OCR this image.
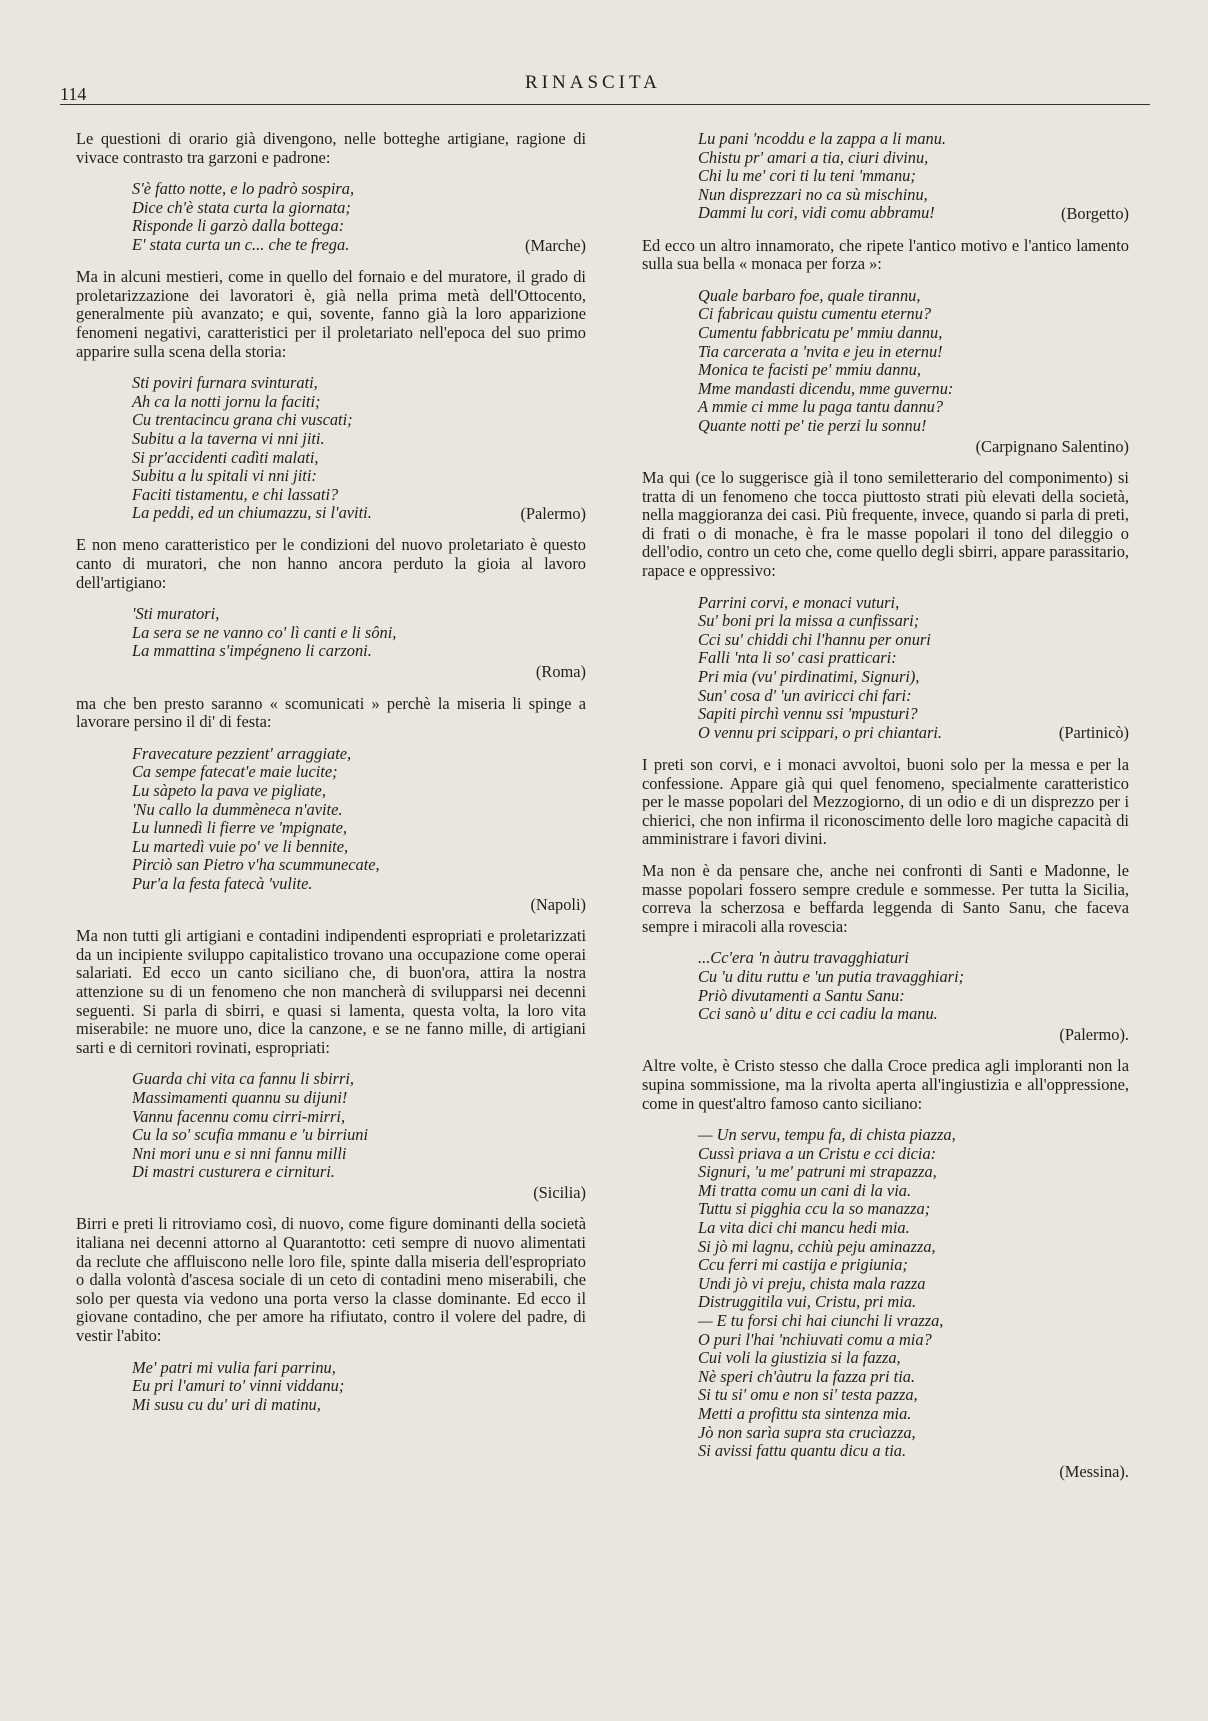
114
RINASCITA

Le questioni di orario già divengono, nelle botteghe artigiane, ragione di vivace contrasto tra garzoni e padrone:

S'è fatto notte, e lo padrò sospira,
Dice ch'è stata curta la giornata;
Risponde li garzò dalla bottega:
E' stata curta un c... che te frega.	(Marche)

Ma in alcuni mestieri, come in quello del fornaio e del muratore, il grado di proletarizzazione dei lavoratori è, già nella prima metà dell'Ottocento, generalmente più avanzato; e qui, sovente, fanno già la loro apparizione fenomeni negativi, caratteristici per il proletariato nell'epoca del suo primo apparire sulla scena della storia:

Sti poviri furnara svinturati,
Ah ca la notti jornu la faciti;
Cu trentacincu grana chi vuscati;
Subitu a la taverna vi nni jiti.
Si pr'accidenti cadìti malati,
Subitu a lu spitali vi nni jiti:
Faciti tistamentu, e chi lassati?
La peddi, ed un chiumazzu, si l'aviti.	(Palermo)

E non meno caratteristico per le condizioni del nuovo proletariato è questo canto di muratori, che non hanno ancora perduto la gioia al lavoro dell'artigiano:

'Sti muratori,
La sera se ne vanno co' lì canti e li sôni,
La mmattina s'impégneno li carzoni.
(Roma)

ma che ben presto saranno « scomunicati » perchè la miseria li spinge a lavorare persino il di' di festa:

Fravecature pezzient' arraggiate,
Ca sempe fatecat'e maie lucite;
Lu sàpeto la pava ve pigliate,
'Nu callo la dummèneca n'avite.
Lu lunnedì li fierre ve 'mpignate,
Lu martedì vuie po' ve li bennite,
Pirciò san Pietro v'ha scummunecate,
Pur'a la festa fatecà 'vulite.
(Napoli)

Ma non tutti gli artigiani e contadini indipendenti espropriati e proletarizzati da un incipiente sviluppo capitalistico trovano una occupazione come operai salariati. Ed ecco un canto siciliano che, di buon'ora, attira la nostra attenzione su di un fenomeno che non mancherà di svilupparsi nei decenni seguenti. Si parla di sbirri, e quasi si lamenta, questa volta, la loro vita miserabile: ne muore uno, dice la canzone, e se ne fanno mille, di artigiani sarti e di cernitori rovinati, espropriati:

Guarda chi vita ca fannu li sbirri,
Massimamenti quannu su dijuni!
Vannu facennu comu cirri-mirri,
Cu la so' scufia mmanu e 'u birriuni
Nni mori unu e si nni fannu milli
Di mastri custurera e cirnituri.
(Sicilia)

Birri e preti li ritroviamo così, di nuovo, come figure dominanti della società italiana nei decenni attorno al Quarantotto: ceti sempre di nuovo alimentati da reclute che affluiscono nelle loro file, spinte dalla miseria dell'espropriato o dalla volontà d'ascesa sociale di un ceto di contadini meno miserabili, che solo per questa via vedono una porta verso la classe dominante. Ed ecco il giovane contadino, che per amore ha rifiutato, contro il volere del padre, di vestir l'abito:

Me' patri mi vulia fari parrinu,
Eu pri l'amuri to' vinni viddanu;
Mi susu cu du' uri di matinu,
Lu pani 'ncoddu e la zappa a li manu.
Chistu pr' amari a tia, ciuri divinu,
Chi lu me' cori ti lu teni 'mmanu;
Nun disprezzari no ca sù mischinu,
Dammi lu cori, vidi comu abbramu!	(Borgetto)

Ed ecco un altro innamorato, che ripete l'antico motivo e l'antico lamento sulla sua bella « monaca per forza »:

Quale barbaro foe, quale tirannu,
Ci fabricau quistu cumentu eternu?
Cumentu fabbricatu pe' mmiu dannu,
Tia carcerata a 'nvita e jeu in eternu!
Monica te facisti pe' mmiu dannu,
Mme mandasti dicendu, mme guvernu:
A mmie ci mme lu paga tantu dannu?
Quante notti pe' tie perzi lu sonnu!
(Carpignano Salentino)

Ma qui (ce lo suggerisce già il tono semiletterario del componimento) si tratta di un fenomeno che tocca piuttosto strati più elevati della società, nella maggioranza dei casi. Più frequente, invece, quando si parla di preti, di frati o di monache, è fra le masse popolari il tono del dileggio o dell'odio, contro un ceto che, come quello degli sbirri, appare parassitario, rapace e oppressivo:

Parrini corvi, e monaci vuturi,
Su' boni pri la missa a cunfissari;
Cci su' chiddi chi l'hannu per onuri
Falli 'nta li so' casi pratticari:
Pri mia (vu' pirdinatimi, Signuri),
Sun' cosa d' 'un aviricci chi fari:
Sapiti pirchì vennu ssi 'mpusturi?
O vennu pri scippari, o pri chiantari.	(Partinicò)

I preti son corvi, e i monaci avvoltoi, buoni solo per la messa e per la confessione. Appare già qui quel fenomeno, specialmente caratteristico per le masse popolari del Mezzogiorno, di un odio e di un disprezzo per i chierici, che non infirma il riconoscimento delle loro magiche capacità di amministrare i favori divini.

Ma non è da pensare che, anche nei confronti di Santi e Madonne, le masse popolari fossero sempre credule e sommesse. Per tutta la Sicilia, correva la scherzosa e beffarda leggenda di Santo Sanu, che faceva sempre i miracoli alla rovescia:

...Cc'era 'n àutru travagghiaturi
Cu 'u ditu ruttu e 'un putia travagghiari;
Priò divutamenti a Santu Sanu:
Cci sanò u' ditu e cci cadiu la manu.
(Palermo).

Altre volte, è Cristo stesso che dalla Croce predica agli imploranti non la supina sommissione, ma la rivolta aperta all'ingiustizia e all'oppressione, come in quest'altro famoso canto siciliano:

— Un servu, tempu fa, di chista piazza,
Cussì priava a un Cristu e cci dicia:
Signuri, 'u me' patruni mi strapazza,
Mi tratta comu un cani di la via.
Tuttu si pigghia ccu la so manazza;
La vita dici chi mancu hedi mia.
Si jò mi lagnu, cchiù peju aminazza,
Ccu ferri mi castija e prigiunia;
Undi jò vi preju, chista mala razza
Distruggitila vui, Cristu, pri mia.
— E tu forsi chi hai ciunchi li vrazza,
O puri l'hai 'nchiuvati comu a mia?
Cui voli la giustizia si la fazza,
Nè speri ch'àutru la fazza pri tia.
Si tu si' omu e non si' testa pazza,
Metti a profittu sta sintenza mia.
Jò non sarìa supra sta crucìazza,
Si avissi fattu quantu dicu a tia.
(Messina).
